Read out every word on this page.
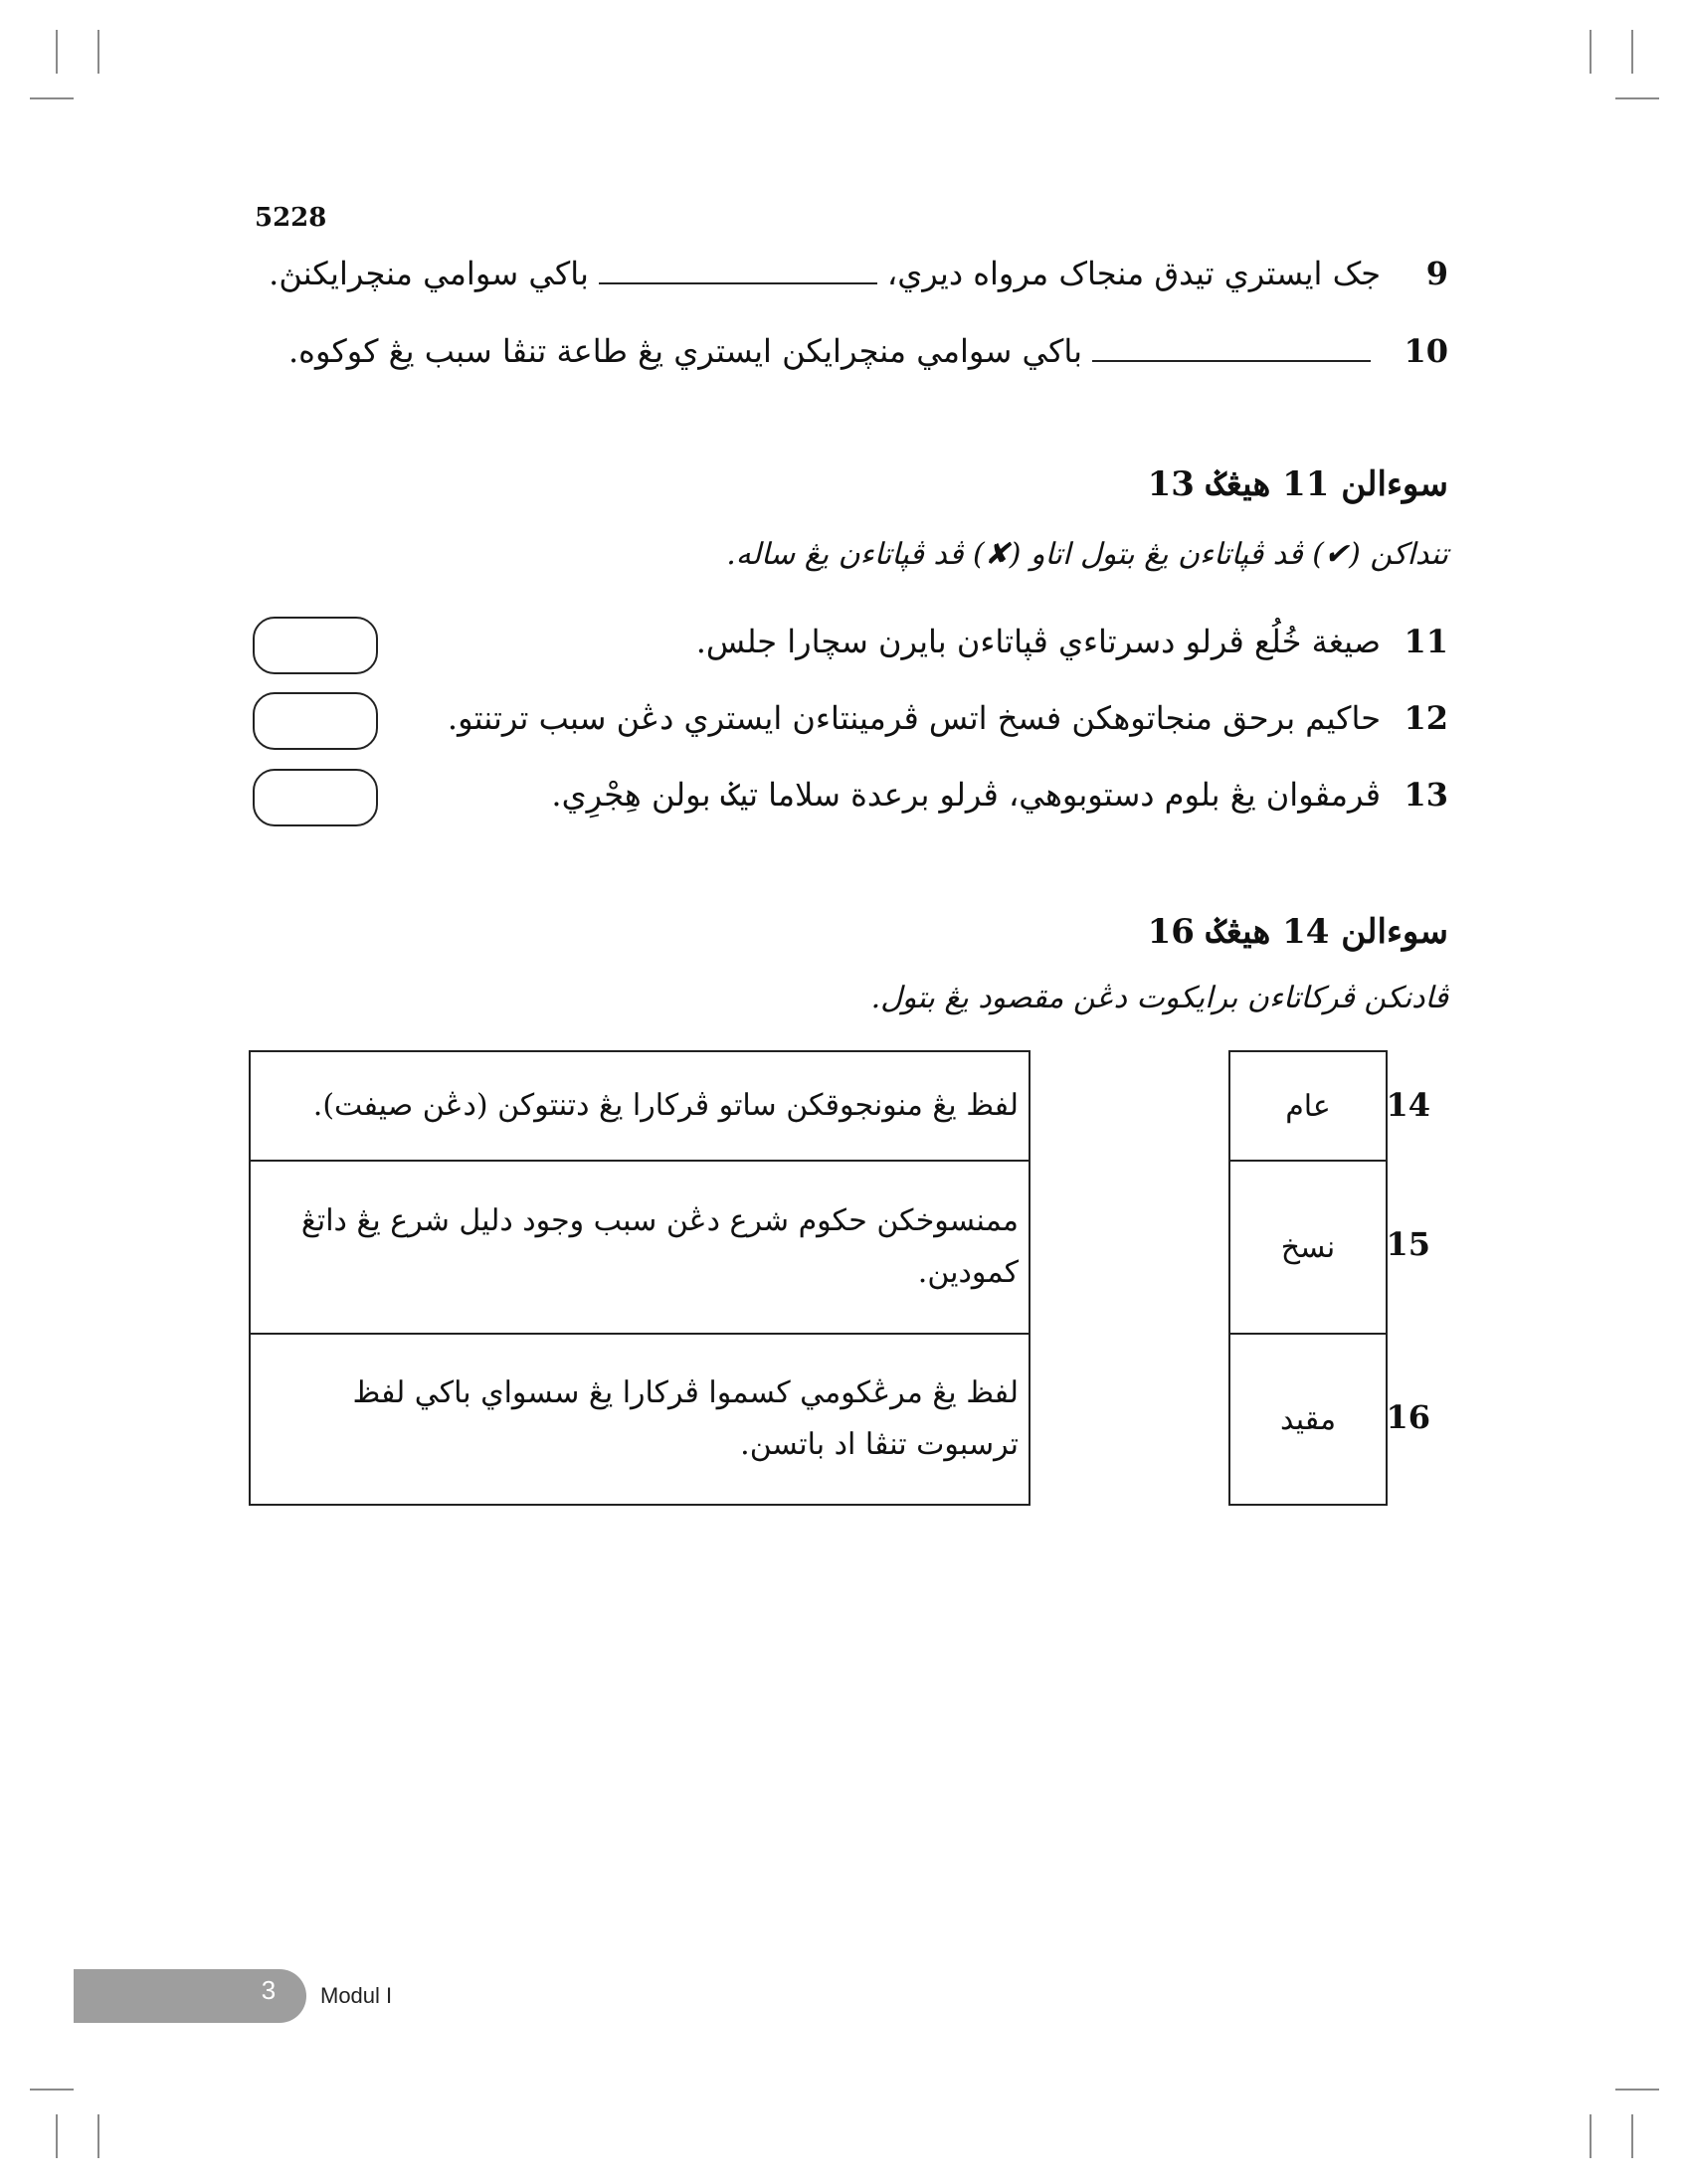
5228
9
جک ايستري تيدق منجاک مرواه ديري،
باکي سوامي منچرايکنڽ.
10
باکي سوامي منچرايکن ايستري يڠ طاعة تنڤا سبب يڠ کوکوه.
سوءالن 11 هيڠݢ 13
تنداکن (✔) ڤد ڤڽاتاءن يڠ بتول اتاو (✘) ڤد ڤڽاتاءن يڠ ساله.
11
صيغة خُلُع ڤرلو دسرتاءي ڤڽاتاءن بايرن سچارا جلس.
12
حاکيم برحق منجاتوهکن فسخ اتس ڤرمينتاءن ايستري دڠن سبب ترتنتو.
13
ڤرمڤوان يڠ بلوم دستوبوهي، ڤرلو برعدة سلاما تيݢ بولن هِجْرِي.
سوءالن 14 هيڠݢ 16
ڤادنکن ڤرکاتاءن برايکوت دڠن مقصود يڠ بتول.
عام
نسخ
مقيد
14
15
16
لفظ يڠ منونجوقکن ساتو ڤرکارا يڠ دتنتوکن (دڠن صيفت).
ممنسوخکن حکوم شرع دڠن سبب وجود دليل شرع يڠ داتڠ کمودين.
لفظ يڠ مرڠکومي کسموا ڤرکارا يڠ سسواي باکي لفظ ترسبوت تنڤا اد باتسن.
3 Modul I
